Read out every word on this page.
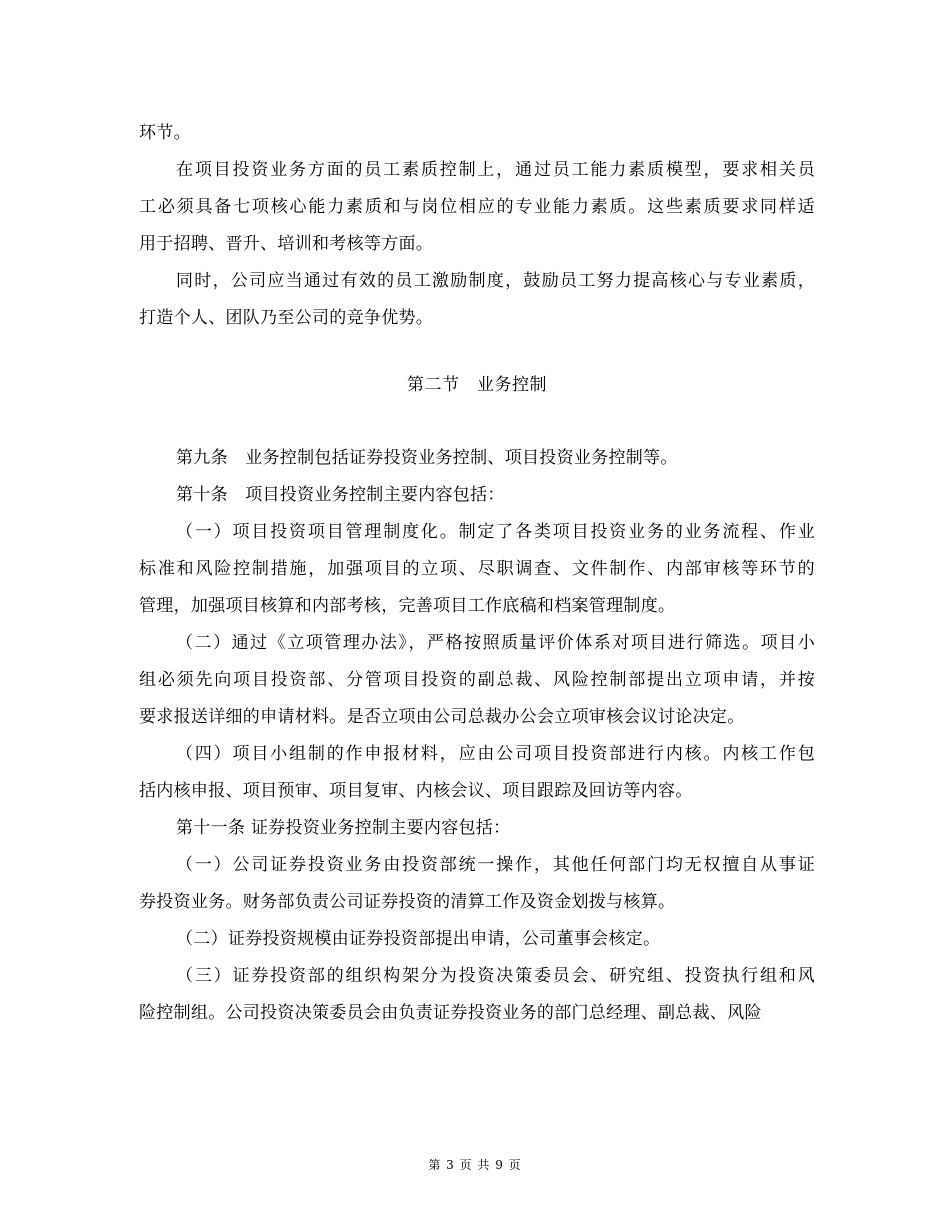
环节。
在项目投资业务方面的员工素质控制上，通过员工能力素质模型，要求相关员
工必须具备七项核心能力素质和与岗位相应的专业能力素质。这些素质要求同样适
用于招聘、晋升、培训和考核等方面。
同时，公司应当通过有效的员工激励制度，鼓励员工努力提高核心与专业素质，
打造个人、团队乃至公司的竞争优势。
第二节　业务控制
第九条　业务控制包括证券投资业务控制、项目投资业务控制等。
第十条　项目投资业务控制主要内容包括：
（一）项目投资项目管理制度化。制定了各类项目投资业务的业务流程、作业
标准和风险控制措施，加强项目的立项、尽职调查、文件制作、内部审核等环节的
管理，加强项目核算和内部考核，完善项目工作底稿和档案管理制度。
（二）通过《立项管理办法》，严格按照质量评价体系对项目进行筛选。项目小
组必须先向项目投资部、分管项目投资的副总裁、风险控制部提出立项申请，并按
要求报送详细的申请材料。是否立项由公司总裁办公会立项审核会议讨论决定。
（四）项目小组制的作申报材料，应由公司项目投资部进行内核。内核工作包
括内核申报、项目预审、项目复审、内核会议、项目跟踪及回访等内容。
第十一条 证券投资业务控制主要内容包括：
（一）公司证券投资业务由投资部统一操作，其他任何部门均无权擅自从事证
券投资业务。财务部负责公司证券投资的清算工作及资金划拨与核算。
（二）证券投资规模由证券投资部提出申请，公司董事会核定。
（三）证券投资部的组织构架分为投资决策委员会、研究组、投资执行组和风
险控制组。公司投资决策委员会由负责证券投资业务的部门总经理、副总裁、风险
第 3 页 共 9 页
